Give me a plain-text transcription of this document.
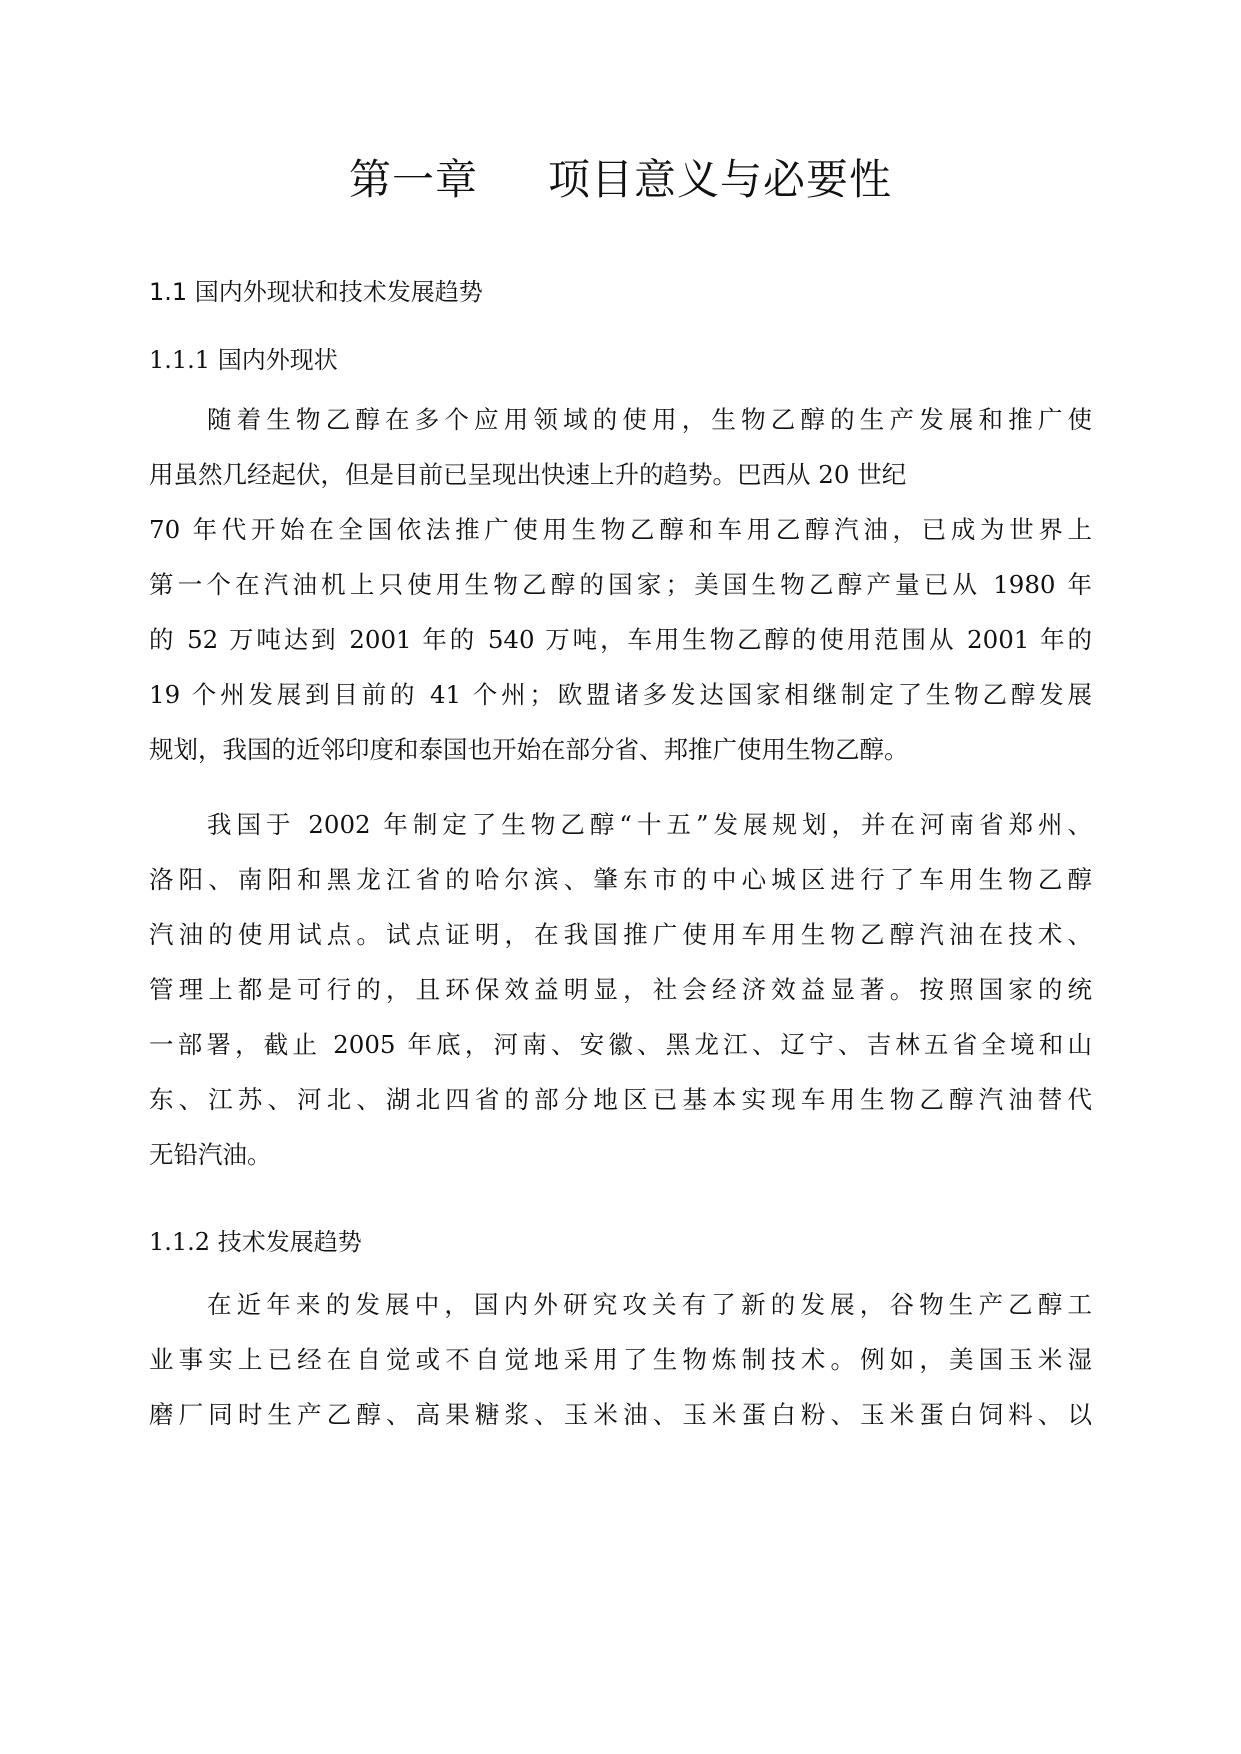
第一章 项目意义与必要性
1.1 国内外现状和技术发展趋势
1.1.1 国内外现状

随着生物乙醇在多个应用领域的使用，生物乙醇的生产发展和推广使
用虽然几经起伏，但是目前已呈现出快速上升的趋势。巴西从 20 世纪
70 年代开始在全国依法推广使用生物乙醇和车用乙醇汽油，已成为世界上
第一个在汽油机上只使用生物乙醇的国家；美国生物乙醇产量已从 1980 年
的 52 万吨达到 2001 年的 540 万吨，车用生物乙醇的使用范围从 2001 年的
19 个州发展到目前的 41 个州；欧盟诸多发达国家相继制定了生物乙醇发展
规划，我国的近邻印度和泰国也开始在部分省、邦推广使用生物乙醇。

我国于 2002 年制定了生物乙醇“十五”发展规划，并在河南省郑州、
洛阳、南阳和黑龙江省的哈尔滨、肇东市的中心城区进行了车用生物乙醇
汽油的使用试点。试点证明，在我国推广使用车用生物乙醇汽油在技术、
管理上都是可行的，且环保效益明显，社会经济效益显著。按照国家的统
一部署，截止 2005 年底，河南、安徽、黑龙江、辽宁、吉林五省全境和山
东、江苏、河北、湖北四省的部分地区已基本实现车用生物乙醇汽油替代
无铅汽油。

1.1.2 技术发展趋势

在近年来的发展中，国内外研究攻关有了新的发展，谷物生产乙醇工
业事实上已经在自觉或不自觉地采用了生物炼制技术。例如，美国玉米湿
磨厂同时生产乙醇、高果糖浆、玉米油、玉米蛋白粉、玉米蛋白饲料、以
